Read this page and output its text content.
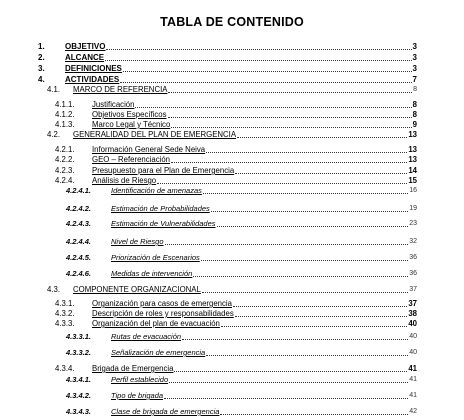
TABLA DE CONTENIDO
1.	OBJETIVO	3
2.	ALCANCE	3
3.	DEFINICIONES	3
4.	ACTIVIDADES	7
4.1. MARCO DE REFERENCIA	8
4.1.1. Justificación	8
4.1.2. Objetivos Específicos	8
4.1.3. Marco Legal y Técnico	9
4.2. GENERALIDAD DEL PLAN DE EMERGENCIA	13
4.2.1. Información General Sede Neiva	13
4.2.2. GEO – Referenciación	13
4.2.3. Presupuesto para el Plan de Emergencia	14
4.2.4. Análisis de Riesgo	15
4.2.4.1.	Identificación de amenazas	16
4.2.4.2.	Estimación de Probabilidades	19
4.2.4.3.	Estimación de Vulnerabilidades	23
4.2.4.4.	Nivel de Riesgo	32
4.2.4.5.	Priorización de Escenarios	36
4.2.4.6.	Medidas de intervención	36
4.3. COMPONENTE ORGANIZACIONAL	37
4.3.1. Organización para casos de emergencia	37
4.3.2. Descripción de roles y responsabilidades	38
4.3.3. Organización del plan de evacuación	40
4.3.3.1.	Rutas de evacuación	40
4.3.3.2.	Señalización de emergencia	40
4.3.4. Brigada de Emergencia	41
4.3.4.1.	Perfil establecido	41
4.3.4.2.	Tipo de brigada	41
4.3.4.3.	Clase de brigada de emergencia	42
